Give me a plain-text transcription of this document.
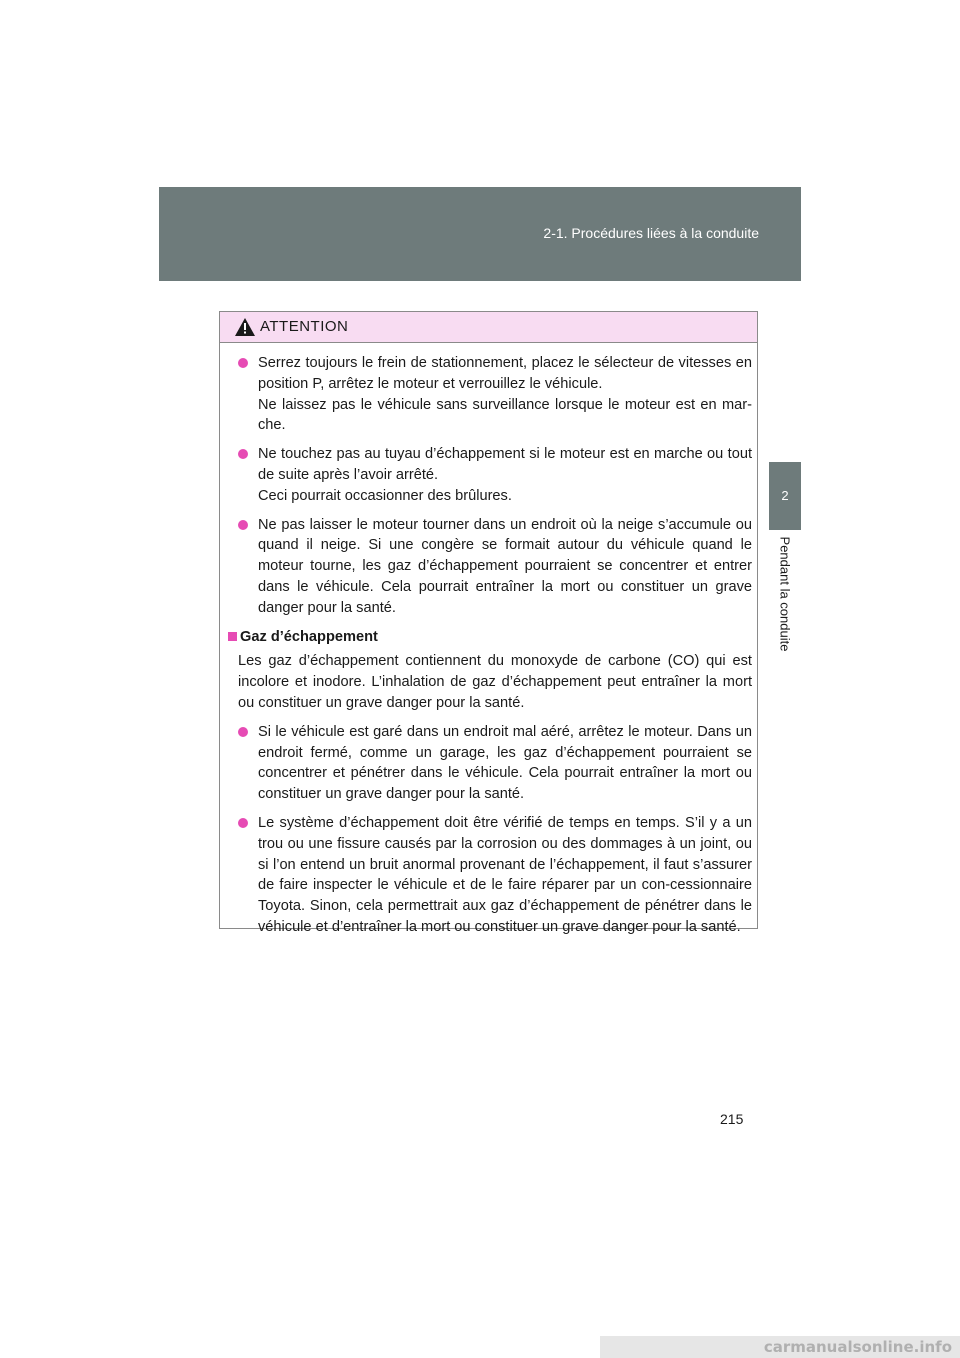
2-1. Procédures liées à la conduite
2
Pendant la conduite
ATTENTION
Serrez toujours le frein de stationnement, placez le sélecteur de vitesses en position P, arrêtez le moteur et verrouillez le véhicule.
Ne laissez pas le véhicule sans surveillance lorsque le moteur est en mar-che.
Ne touchez pas au tuyau d’échappement si le moteur est en marche ou tout de suite après l’avoir arrêté.
Ceci pourrait occasionner des brûlures.
Ne pas laisser le moteur tourner dans un endroit où la neige s’accumule ou quand il neige. Si une congère se formait autour du véhicule quand le moteur tourne, les gaz d’échappement pourraient se concentrer et entrer dans le véhicule. Cela pourrait entraîner la mort ou constituer un grave danger pour la santé.
Gaz d’échappement
Les gaz d’échappement contiennent du monoxyde de carbone (CO) qui est incolore et inodore. L’inhalation de gaz d’échappement peut entraîner la mort ou constituer un grave danger pour la santé.
Si le véhicule est garé dans un endroit mal aéré, arrêtez le moteur. Dans un endroit fermé, comme un garage, les gaz d’échappement pourraient se concentrer et pénétrer dans le véhicule. Cela pourrait entraîner la mort ou constituer un grave danger pour la santé.
Le système d’échappement doit être vérifié de temps en temps. S’il y a un trou ou une fissure causés par la corrosion ou des dommages à un joint, ou si l’on entend un bruit anormal provenant de l’échappement, il faut s’assurer de faire inspecter le véhicule et de le faire réparer par un con-cessionnaire Toyota. Sinon, cela permettrait aux gaz d’échappement de pénétrer dans le véhicule et d’entraîner la mort ou constituer un grave danger pour la santé.
215
carmanualsonline.info
